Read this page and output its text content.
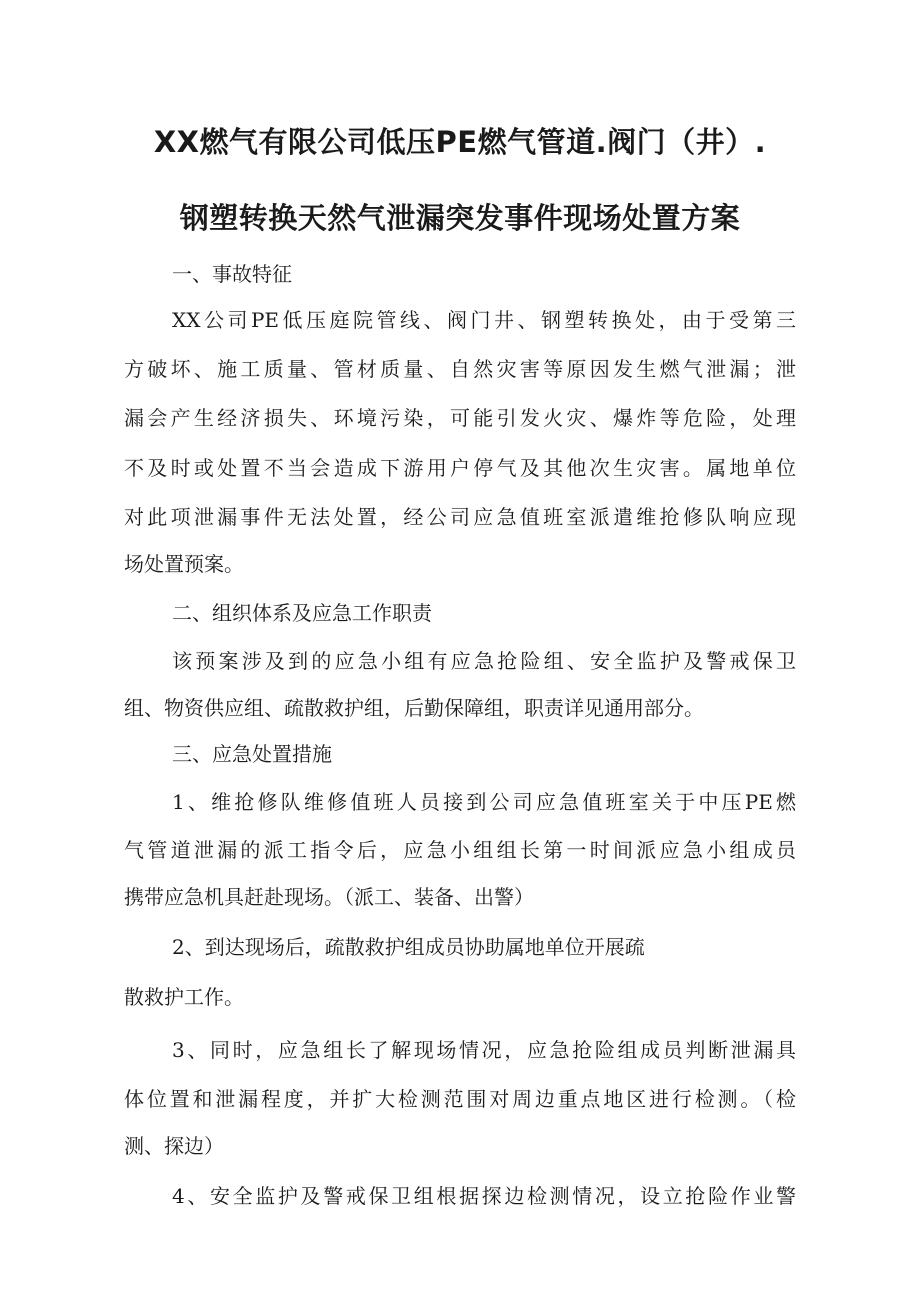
XX燃气有限公司低压PE燃气管道.阀门（井）.
钢塑转换天然气泄漏突发事件现场处置方案
一、事故特征
XX公司PE低压庭院管线、阀门井、钢塑转换处，由于受第三
方破坏、施工质量、管材质量、自然灾害等原因发生燃气泄漏；泄
漏会产生经济损失、环境污染，可能引发火灾、爆炸等危险，处理
不及时或处置不当会造成下游用户停气及其他次生灾害。属地单位
对此项泄漏事件无法处置，经公司应急值班室派遣维抢修队响应现
场处置预案。
二、组织体系及应急工作职责
该预案涉及到的应急小组有应急抢险组、安全监护及警戒保卫
组、物资供应组、疏散救护组，后勤保障组，职责详见通用部分。
三、应急处置措施
1、维抢修队维修值班人员接到公司应急值班室关于中压PE燃
气管道泄漏的派工指令后，应急小组组长第一时间派应急小组成员
携带应急机具赶赴现场。（派工、装备、出警）
2、到达现场后，疏散救护组成员协助属地单位开展疏
散救护工作。
3、同时，应急组长了解现场情况，应急抢险组成员判断泄漏具
体位置和泄漏程度，并扩大检测范围对周边重点地区进行检测。（检
测、探边）
4、安全监护及警戒保卫组根据探边检测情况，设立抢险作业警
